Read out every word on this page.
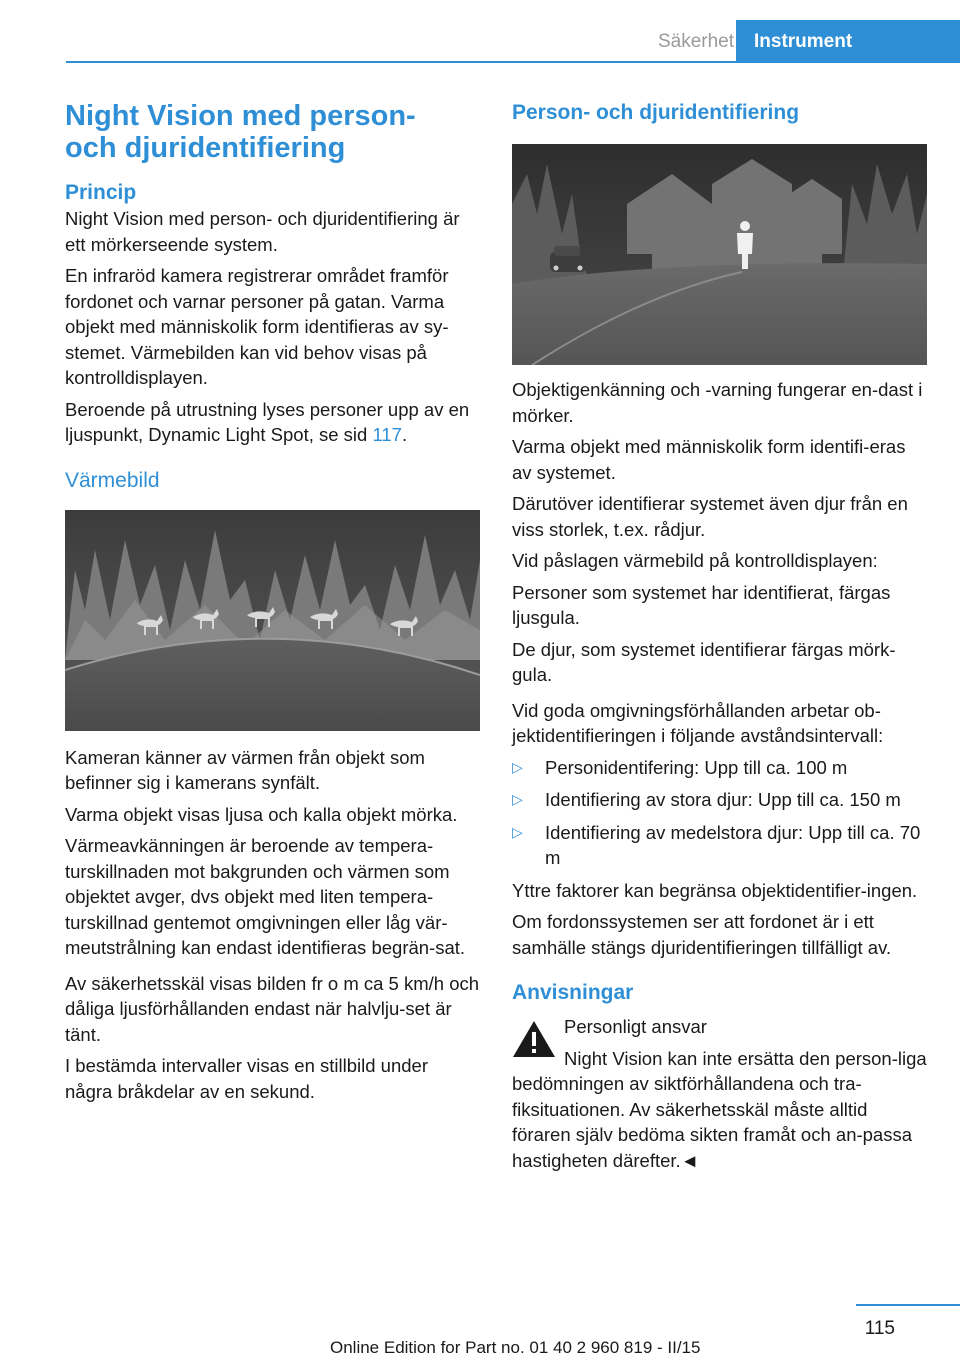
Säkerhet	Instrument
Night Vision med person-
och djuridentifiering
Princip

Night Vision med person- och djuridentifiering är ett mörkerseende system.

En infraröd kamera registrerar området framför fordonet och varnar personer på gatan. Varma objekt med människolik form identifieras av sy-stemet. Värmebilden kan vid behov visas på kontrolldisplayen.

Beroende på utrustning lyses personer upp av en ljuspunkt, Dynamic Light Spot, se sid 117.

Värmebild

Kameran känner av värmen från objekt som befinner sig i kamerans synfält.

Varma objekt visas ljusa och kalla objekt mörka.

Värmeavkänningen är beroende av tempera-turskillnaden mot bakgrunden och värmen som objektet avger, dvs objekt med liten tempera-turskillnad gentemot omgivningen eller låg vär-meutstrålning kan endast identifieras begrän-sat.

Av säkerhetsskäl visas bilden fr o m ca 5 km/h och dåliga ljusförhållanden endast när halvlju-set är tänt.

I bestämda intervaller visas en stillbild under några bråkdelar av en sekund.

Person- och djuridentifiering

Objektigenkänning och -varning fungerar en-dast i mörker.

Varma objekt med människolik form identifi-eras av systemet.

Därutöver identifierar systemet även djur från en viss storlek, t.ex. rådjur.

Vid påslagen värmebild på kontrolldisplayen:

Personer som systemet har identifierat, färgas ljusgula.

De djur, som systemet identifierar färgas mörk-gula.

Vid goda omgivningsförhållanden arbetar ob-jektidentifieringen i följande avståndsintervall:

▷ Personidentifering: Upp till ca. 100 m
▷ Identifiering av stora djur: Upp till ca. 150 m
▷ Identifiering av medelstora djur: Upp till ca. 70 m

Yttre faktorer kan begränsa objektidentifier-ingen.

Om fordonssystemen ser att fordonet är i ett samhälle stängs djuridentifieringen tillfälligt av.

Anvisningar

Personligt ansvar

Night Vision kan inte ersätta den person-liga bedömningen av siktförhållandena och tra-fiksituationen. Av säkerhetsskäl måste alltid föraren själv bedöma sikten framåt och an-passa hastigheten därefter.◄

115
Online Edition for Part no. 01 40 2 960 819 - II/15
